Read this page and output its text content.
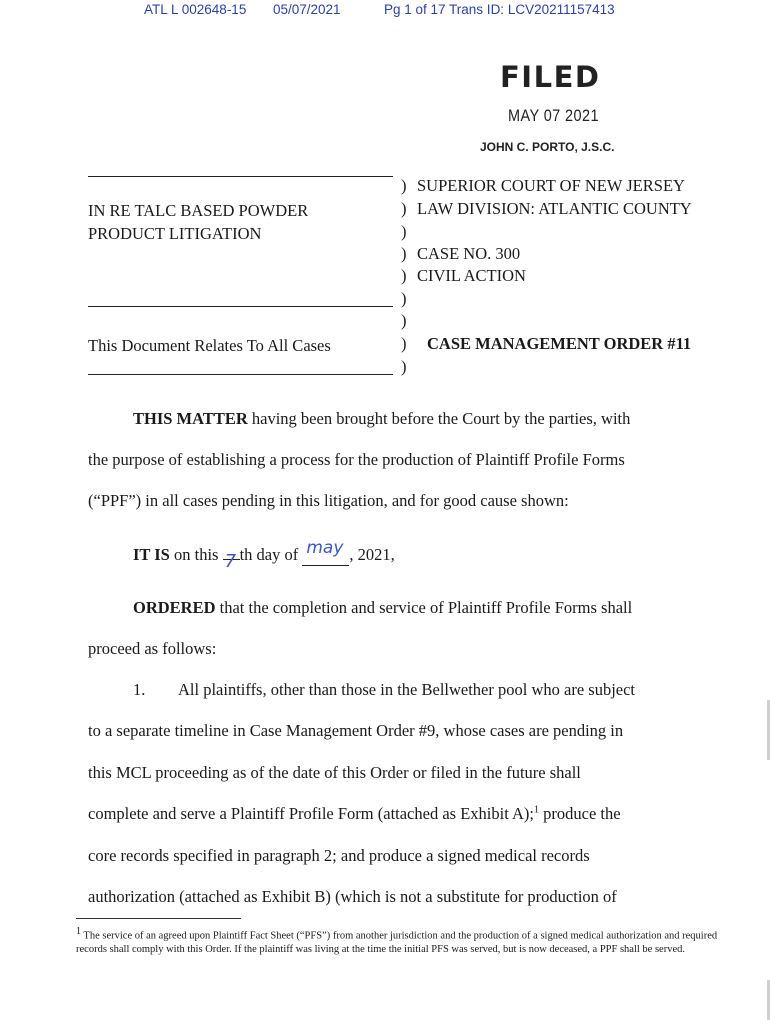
ATL L 002648-15 05/07/2021	Pg 1 of 17 Trans ID: LCV20211157413
FILED
MAY 07 2021
JOHN C. PORTO, J.S.C.
IN RE TALC BASED POWDER
PRODUCT LITIGATION
This Document Relates To All Cases
)
)
)
)
)
)
)
)
)
SUPERIOR COURT OF NEW JERSEY
LAW DIVISION: ATLANTIC COUNTY
CASE NO. 300
CIVIL ACTION
CASE MANAGEMENT ORDER #11
THIS MATTER having been brought before the Court by the parties, with
the purpose of establishing a process for the production of Plaintiff Profile Forms
(“PPF”) in all cases pending in this litigation, and for good cause shown:
IT IS on this 7 th day of may , 2021,
ORDERED that the completion and service of Plaintiff Profile Forms shall
proceed as follows:
1. All plaintiffs, other than those in the Bellwether pool who are subject
to a separate timeline in Case Management Order #9, whose cases are pending in
this MCL proceeding as of the date of this Order or filed in the future shall
complete and serve a Plaintiff Profile Form (attached as Exhibit A);$^1$ produce the
core records specified in paragraph 2; and produce a signed medical records
authorization (attached as Exhibit B) (which is not a substitute for production of
$^1$ The service of an agreed upon Plaintiff Fact Sheet (“PFS”) from another jurisdiction and the production of a signed medical authorization and required records shall comply with this Order. If the plaintiff was living at the time the initial PFS was served, but is now deceased, a PPF shall be served.
